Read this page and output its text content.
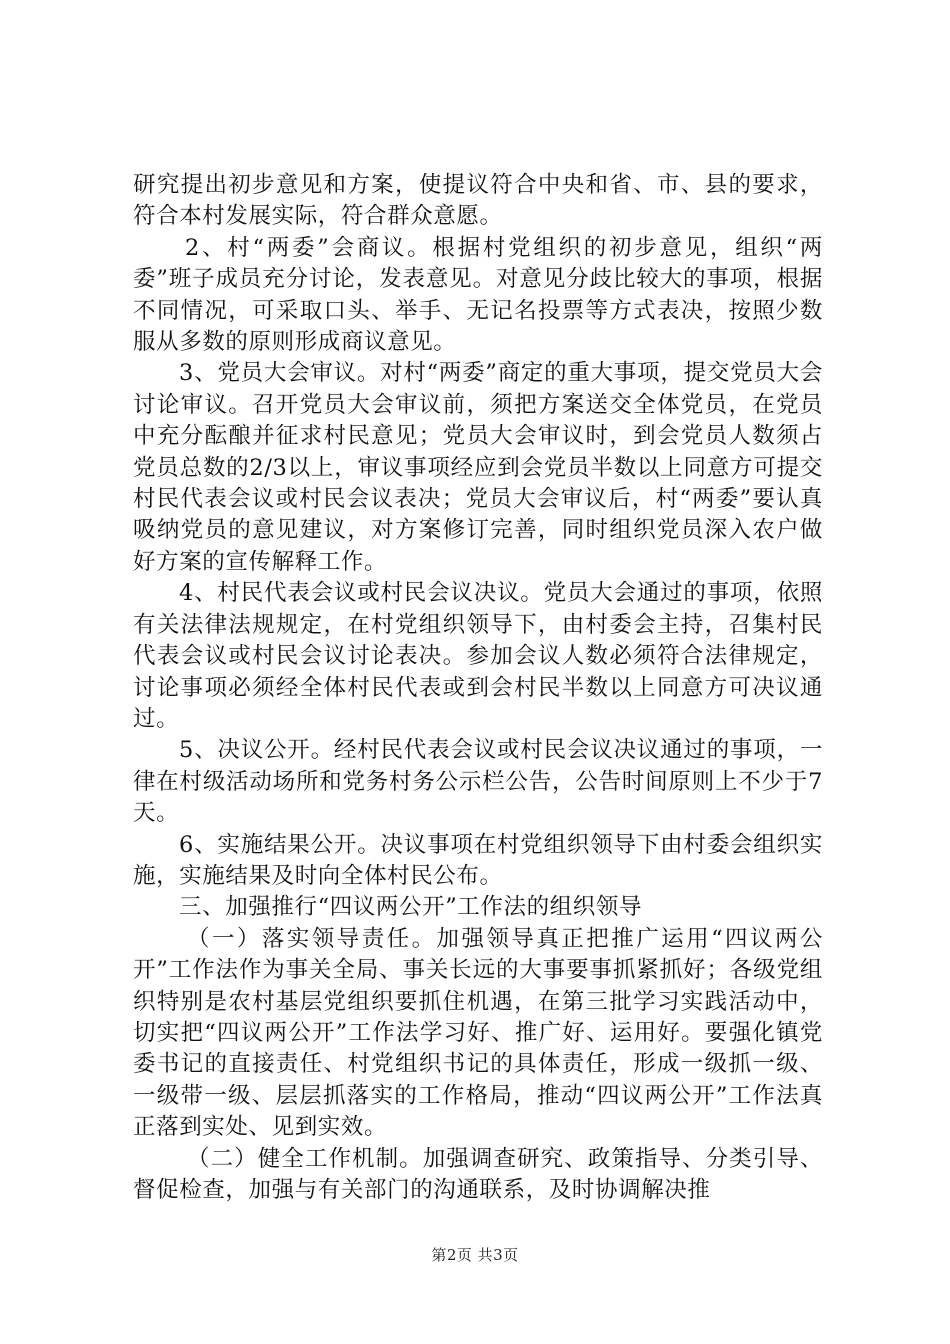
研究提出初步意见和方案，使提议符合中央和省、市、县的要求，符合本村发展实际，符合群众意愿。

2、村“两委”会商议。根据村党组织的初步意见，组织“两委”班子成员充分讨论，发表意见。对意见分歧比较大的事项，根据不同情况，可采取口头、举手、无记名投票等方式表决，按照少数服从多数的原则形成商议意见。

3、党员大会审议。对村“两委”商定的重大事项，提交党员大会讨论审议。召开党员大会审议前，须把方案送交全体党员，在党员中充分酝酿并征求村民意见；党员大会审议时，到会党员人数须占党员总数的2/3以上，审议事项经应到会党员半数以上同意方可提交村民代表会议或村民会议表决；党员大会审议后，村“两委”要认真吸纳党员的意见建议，对方案修订完善，同时组织党员深入农户做好方案的宣传解释工作。

4、村民代表会议或村民会议决议。党员大会通过的事项，依照有关法律法规规定，在村党组织领导下，由村委会主持，召集村民代表会议或村民会议讨论表决。参加会议人数必须符合法律规定，讨论事项必须经全体村民代表或到会村民半数以上同意方可决议通过。

5、决议公开。经村民代表会议或村民会议决议通过的事项，一律在村级活动场所和党务村务公示栏公告，公告时间原则上不少于7天。

6、实施结果公开。决议事项在村党组织领导下由村委会组织实施，实施结果及时向全体村民公布。

三、加强推行“四议两公开”工作法的组织领导

（一）落实领导责任。加强领导真正把推广运用“四议两公开”工作法作为事关全局、事关长远的大事要事抓紧抓好；各级党组织特别是农村基层党组织要抓住机遇，在第三批学习实践活动中，切实把“四议两公开”工作法学习好、推广好、运用好。要强化镇党委书记的直接责任、村党组织书记的具体责任，形成一级抓一级、一级带一级、层层抓落实的工作格局，推动“四议两公开”工作法真正落到实处、见到实效。

（二）健全工作机制。加强调查研究、政策指导、分类引导、督促检查，加强与有关部门的沟通联系，及时协调解决推

第2页 共3页
